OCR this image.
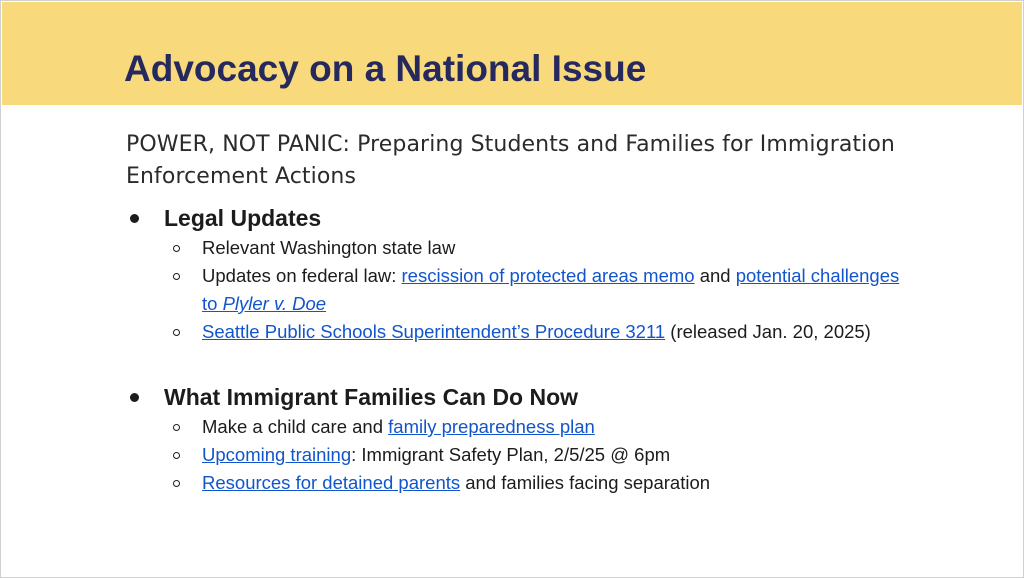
Advocacy on a National Issue

POWER, NOT PANIC: Preparing Students and Families for Immigration Enforcement Actions

Legal Updates
Relevant Washington state law
Updates on federal law: rescission of protected areas memo and potential challenges to Plyler v. Doe
Seattle Public Schools Superintendent’s Procedure 3211 (released Jan. 20, 2025)
What Immigrant Families Can Do Now
Make a child care and family preparedness plan
Upcoming training: Immigrant Safety Plan, 2/5/25 @ 6pm
Resources for detained parents and families facing separation
